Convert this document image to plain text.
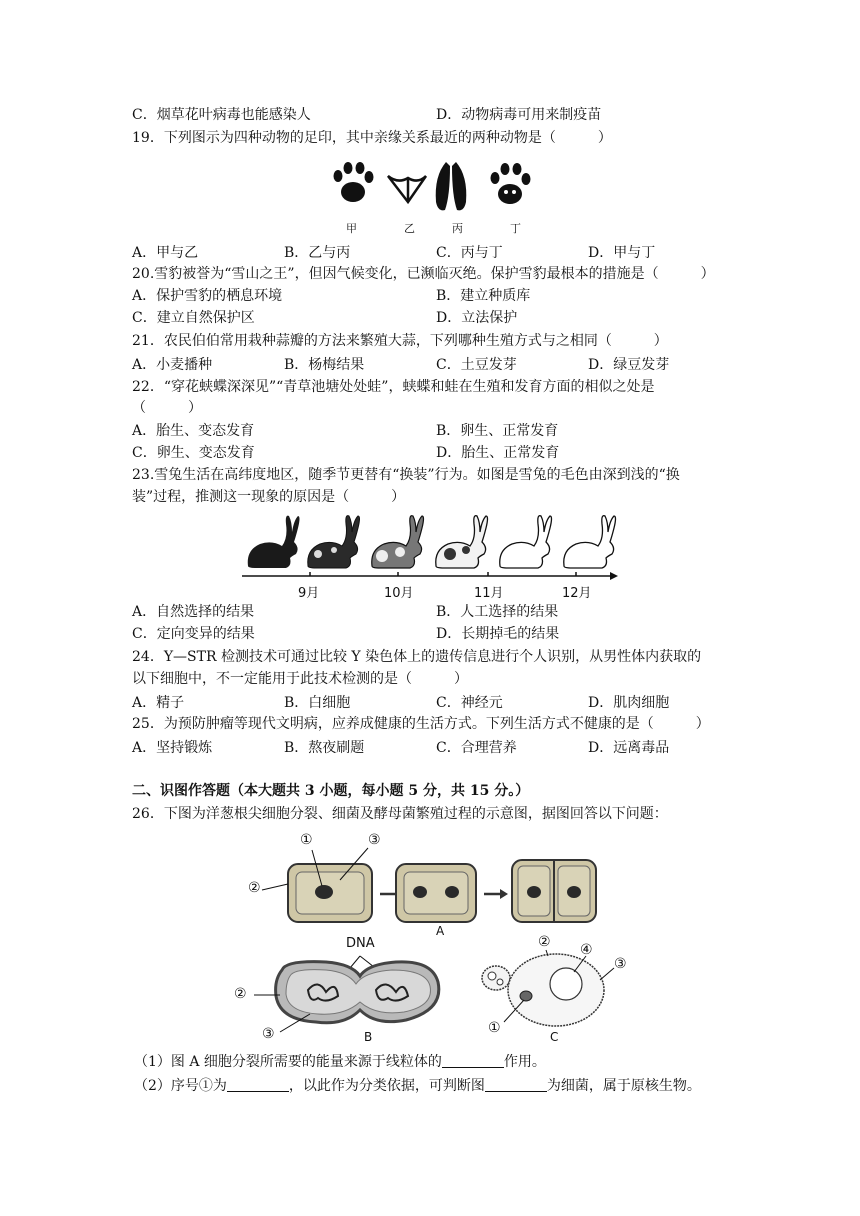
C．烟草花叶病毒也能感染人	D．动物病毒可用来制疫苗
19．下列图示为四种动物的足印，其中亲缘关系最近的两种动物是（　　　）
甲	乙	丙	丁
A．甲与乙	B．乙与丙	C．丙与丁	D．甲与丁
20.雪豹被誉为“雪山之王”，但因气候变化，已濒临灭绝。保护雪豹最根本的措施是（　　　）
A．保护雪豹的栖息环境	B．建立种质库
C．建立自然保护区	D．立法保护
21．农民伯伯常用栽种蒜瓣的方法来繁殖大蒜，下列哪种生殖方式与之相同（　　　）
A．小麦播种	B．杨梅结果	C．土豆发芽	D．绿豆发芽
22．“穿花蛱蝶深深见”“青草池塘处处蛙”，蛱蝶和蛙在生殖和发育方面的相似之处是
（　　　）
A．胎生、变态发育	B．卵生、正常发育
C．卵生、变态发育	D．胎生、正常发育
23.雪兔生活在高纬度地区，随季节更替有“换装”行为。如图是雪兔的毛色由深到浅的“换
装”过程，推测这一现象的原因是（　　　）
9月	10月	11月	12月
A．自然选择的结果	B．人工选择的结果
C．定向变异的结果	D．长期掉毛的结果
24．Y—STR 检测技术可通过比较 Y 染色体上的遗传信息进行个人识别，从男性体内获取的
以下细胞中，不一定能用于此技术检测的是（　　　）
A．精子	B．白细胞	C．神经元	D．肌肉细胞
25．为预防肿瘤等现代文明病，应养成健康的生活方式。下列生活方式不健康的是（　　　）
A．坚持锻炼	B．熬夜刷题	C．合理营养	D．远离毒品
二、识图作答题（本大题共 3 小题，每小题 5 分，共 15 分。）
26．下图为洋葱根尖细胞分裂、细菌及酵母菌繁殖过程的示意图，据图回答以下问题：
①	③
②
A
DNA
②
③	B
② ④
③
①
C
（1）图 A 细胞分裂所需要的能量来源于线粒体的	作用。
（2）序号①为	，以此作为分类依据，可判断图	为细菌，属于原核生物。
